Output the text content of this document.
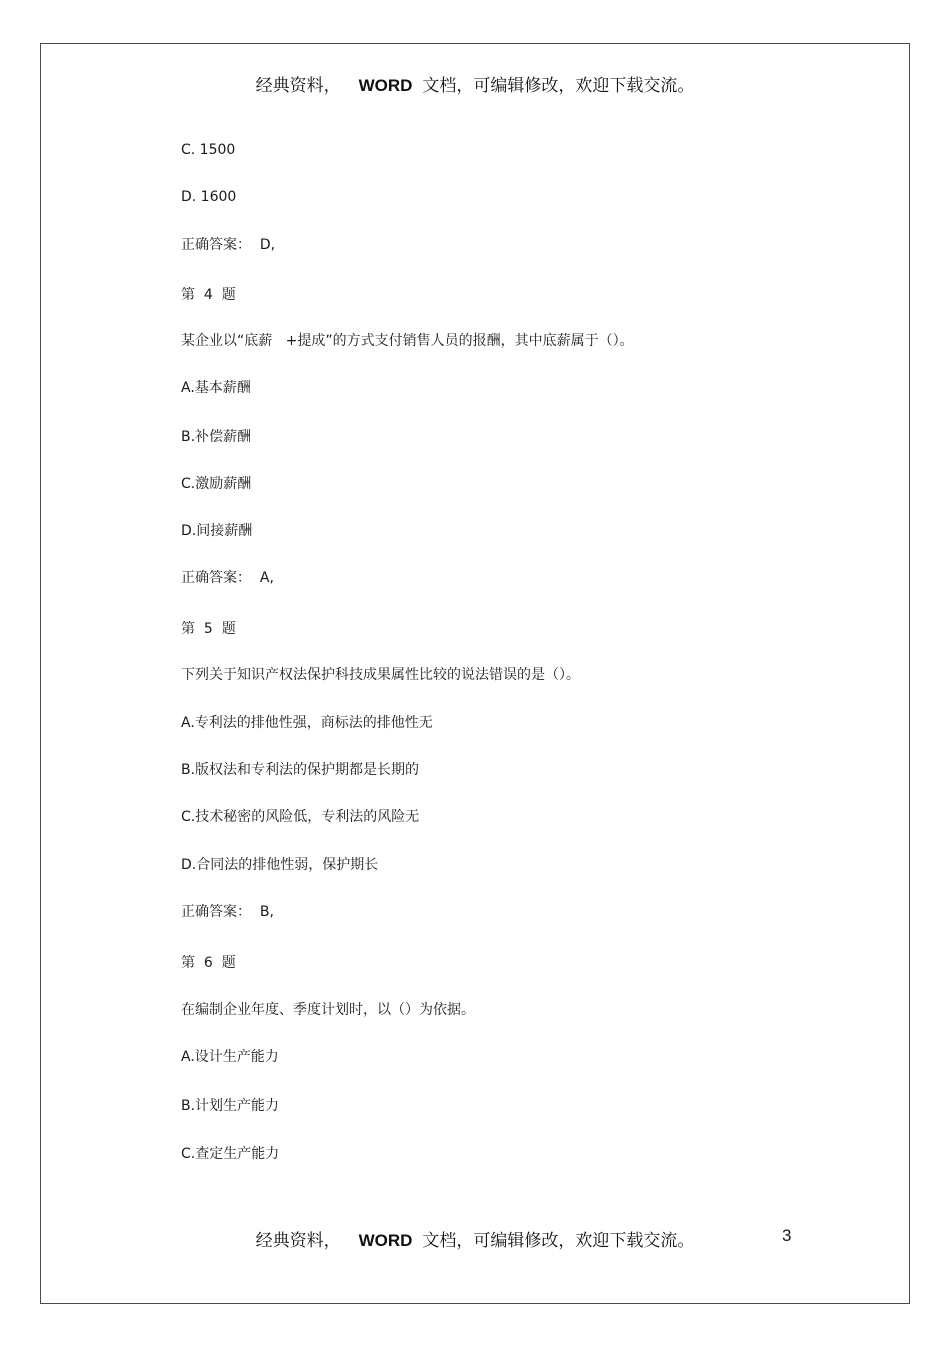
经典资料， WORD 文档，可编辑修改，欢迎下载交流。
C. 1500
D. 1600
正确答案：  D,
第  4  题
某企业以“底薪   +提成”的方式支付销售人员的报酬，其中底薪属于（）。
A.基本薪酬
B.补偿薪酬
C.激励薪酬
D.间接薪酬
正确答案：  A,
第  5  题
下列关于知识产权法保护科技成果属性比较的说法错误的是（）。
A.专利法的排他性强，商标法的排他性无
B.版权法和专利法的保护期都是长期的
C.技术秘密的风险低，专利法的风险无
D.合同法的排他性弱，保护期长
正确答案：  B,
第  6  题
在编制企业年度、季度计划时，以（）为依据。
A.设计生产能力
B.计划生产能力
C.查定生产能力
经典资料， WORD 文档，可编辑修改，欢迎下载交流。	3
